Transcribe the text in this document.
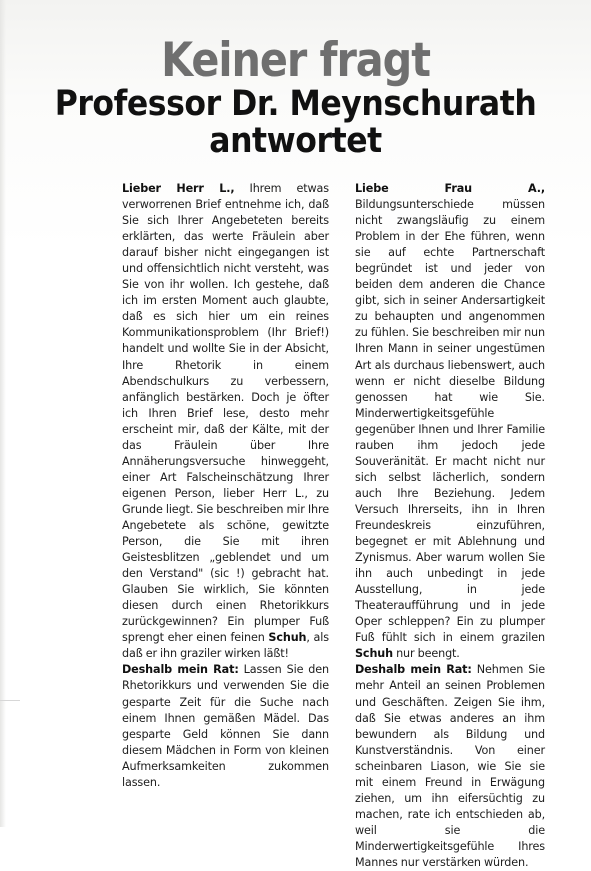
Keiner fragt
Professor Dr. Meynschurath
antwortet

Lieber Herr L., Ihrem etwas verworrenen Brief entnehme ich, daß Sie sich Ihrer Angebeteten bereits erklärten, das werte Fräulein aber darauf bisher nicht eingegangen ist und offensichtlich nicht versteht, was Sie von ihr wollen. Ich gestehe, daß ich im ersten Moment auch glaubte, daß es sich hier um ein reines Kommunikationsproblem (Ihr Brief!) handelt und wollte Sie in der Absicht, Ihre Rhetorik in einem Abendschulkurs zu verbessern, anfänglich bestärken. Doch je öfter ich Ihren Brief lese, desto mehr erscheint mir, daß der Kälte, mit der das Fräulein über Ihre Annäherungsversuche hinweggeht, einer Art Falscheinschätzung Ihrer eigenen Person, lieber Herr L., zu Grunde liegt. Sie beschreiben mir Ihre Angebetete als schöne, gewitzte Person, die Sie mit ihren Geistesblitzen „geblendet und um den Verstand" (sic !) gebracht hat. Glauben Sie wirklich, Sie könnten diesen durch einen Rhetorikkurs zurückgewinnen? Ein plumper Fuß sprengt eher einen feinen Schuh, als daß er ihn graziler wirken läßt!

Deshalb mein Rat: Lassen Sie den Rhetorikkurs und verwenden Sie die gesparte Zeit für die Suche nach einem Ihnen gemäßen Mädel. Das gesparte Geld können Sie dann diesem Mädchen in Form von kleinen Aufmerksamkeiten zukommen lassen.

Liebe Frau A., Bildungsunterschiede müssen nicht zwangsläufig zu einem Problem in der Ehe führen, wenn sie auf echte Partnerschaft begründet ist und jeder von beiden dem anderen die Chance gibt, sich in seiner Andersartigkeit zu behaupten und angenommen zu fühlen. Sie beschreiben mir nun Ihren Mann in seiner ungestümen Art als durchaus liebenswert, auch wenn er nicht dieselbe Bildung genossen hat wie Sie. Minderwertigkeitsgefühle gegenüber Ihnen und Ihrer Familie rauben ihm jedoch jede Souveränität. Er macht nicht nur sich selbst lächerlich, sondern auch Ihre Beziehung. Jedem Versuch Ihrerseits, ihn in Ihren Freundeskreis einzuführen, begegnet er mit Ablehnung und Zynismus. Aber warum wollen Sie ihn auch unbedingt in jede Ausstellung, in jede Theateraufführung und in jede Oper schleppen? Ein zu plumper Fuß fühlt sich in einem grazilen Schuh nur beengt.

Deshalb mein Rat: Nehmen Sie mehr Anteil an seinen Problemen und Geschäften. Zeigen Sie ihm, daß Sie etwas anderes an ihm bewundern als Bildung und Kunstverständnis. Von einer scheinbaren Liason, wie Sie sie mit einem Freund in Erwägung ziehen, um ihn eifersüchtig zu machen, rate ich entschieden ab, weil sie die Minderwertigkeitsgefühle Ihres Mannes nur verstärken würden.
